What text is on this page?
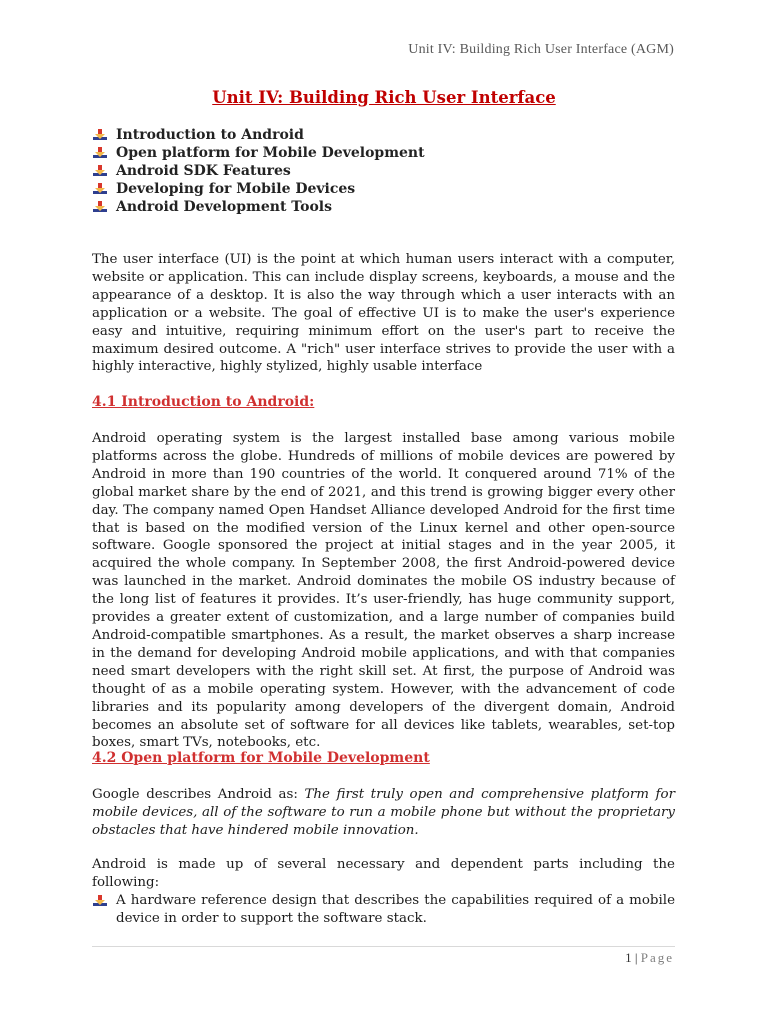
Unit IV: Building Rich User Interface (AGM)
Unit IV: Building Rich User Interface
Introduction to Android
Open platform for Mobile Development
Android SDK Features
Developing for Mobile Devices
Android Development Tools
The user interface (UI) is the point at which human users interact with a computer, website or application. This can include display screens, keyboards, a mouse and the appearance of a desktop. It is also the way through which a user interacts with an application or a website. The goal of effective UI is to make the user's experience easy and intuitive, requiring minimum effort on the user's part to receive the maximum desired outcome. A "rich" user interface strives to provide the user with a highly interactive, highly stylized, highly usable interface
4.1 Introduction to Android:
Android operating system is the largest installed base among various mobile platforms across the globe. Hundreds of millions of mobile devices are powered by Android in more than 190 countries of the world. It conquered around 71% of the global market share by the end of 2021, and this trend is growing bigger every other day. The company named Open Handset Alliance developed Android for the first time that is based on the modified version of the Linux kernel and other open-source software. Google sponsored the project at initial stages and in the year 2005, it acquired the whole company. In September 2008, the first Android-powered device was launched in the market. Android dominates the mobile OS industry because of the long list of features it provides. It’s user-friendly, has huge community support, provides a greater extent of customization, and a large number of companies build Android-compatible smartphones. As a result, the market observes a sharp increase in the demand for developing Android mobile applications, and with that companies need smart developers with the right skill set. At first, the purpose of Android was thought of as a mobile operating system. However, with the advancement of code libraries and its popularity among developers of the divergent domain, Android becomes an absolute set of software for all devices like tablets, wearables, set-top boxes, smart TVs, notebooks, etc.
4.2 Open platform for Mobile Development
Google describes Android as: The first truly open and comprehensive platform for mobile devices, all of the software to run a mobile phone but without the proprietary obstacles that have hindered mobile innovation.
Android is made up of several necessary and dependent parts including the following:
A hardware reference design that describes the capabilities required of a mobile device in order to support the software stack.
1 | Page
